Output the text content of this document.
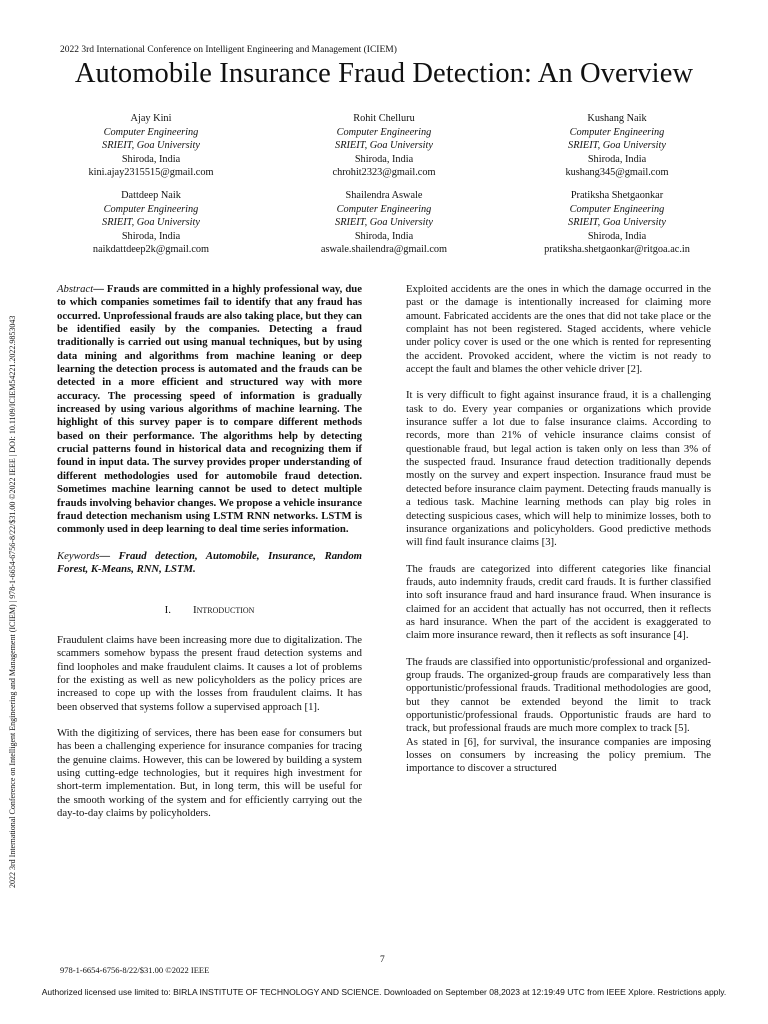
2022 3rd International Conference on Intelligent Engineering and Management (ICIEM)
Automobile Insurance Fraud Detection: An Overview
Ajay Kini
Computer Engineering
SRIEIT, Goa University
Shiroda, India
kini.ajay2315515@gmail.com
Rohit Chelluru
Computer Engineering
SRIEIT, Goa University
Shiroda, India
chrohit2323@gmail.com
Kushang Naik
Computer Engineering
SRIEIT, Goa University
Shiroda, India
kushang345@gmail.com
Dattdeep Naik
Computer Engineering
SRIEIT, Goa University
Shiroda, India
naikdattdeep2k@gmail.com
Shailendra Aswale
Computer Engineering
SRIEIT, Goa University
Shiroda, India
aswale.shailendra@gmail.com
Pratiksha Shetgaonkar
Computer Engineering
SRIEIT, Goa University
Shiroda, India
pratiksha.shetgaonkar@ritgoa.ac.in
2022 3rd International Conference on Intelligent Engineering and Management (ICIEM) | 978-1-6654-6756-8/22/$31.00 ©2022 IEEE | DOI: 10.1109/ICIEM54221.2022.9853043

Abstract— Frauds are committed in a highly professional way, due to which companies sometimes fail to identify that any fraud has occurred. Unprofessional frauds are also taking place, but they can be identified easily by the companies. Detecting a fraud traditionally is carried out using manual techniques, but by using data mining and algorithms from machine leaning or deep learning the detection process is automated and the frauds can be detected in a more efficient and structured way with more accuracy. The processing speed of information is gradually increased by using various algorithms of machine learning. The highlight of this survey paper is to compare different methods based on their performance. The algorithms help by detecting crucial patterns found in historical data and recognizing them if found in input data. The survey provides proper understanding of different methodologies used for automobile fraud detection. Sometimes machine learning cannot be used to detect multiple frauds involving behavior changes. We propose a vehicle insurance fraud detection mechanism using LSTM RNN networks. LSTM is commonly used in deep learning to deal time series information.

Keywords— Fraud detection, Automobile, Insurance, Random Forest, K-Means, RNN, LSTM.

I. Introduction

Fraudulent claims have been increasing more due to digitalization. The scammers somehow bypass the present fraud detection systems and find loopholes and make fraudulent claims. It causes a lot of problems for the existing as well as new policyholders as the policy prices are increased to cope up with the losses from fraudulent claims. It has been observed that systems follow a supervised approach [1].

With the digitizing of services, there has been ease for consumers but has been a challenging experience for insurance companies for tracing the genuine claims. However, this can be lowered by building a system using cutting-edge technologies, but it requires high investment for short-term implementation. But, in long term, this will be useful for the smooth working of the system and for efficiently carrying out the day-to-day claims by policyholders.

Exploited accidents are the ones in which the damage occurred in the past or the damage is intentionally increased for claiming more amount. Fabricated accidents are the ones that did not take place or the complaint has not been registered. Staged accidents, where vehicle under policy cover is used or the one which is rented for representing the accident. Provoked accident, where the victim is not ready to accept the fault and blames the other vehicle driver [2].

It is very difficult to fight against insurance fraud, it is a challenging task to do. Every year companies or organizations which provide insurance suffer a lot due to false insurance claims. According to records, more than 21% of vehicle insurance claims consist of questionable fraud, but legal action is taken only on less than 3% of the suspected fraud. Insurance fraud detection traditionally depends mostly on the survey and expert inspection. Insurance fraud must be detected before insurance claim payment. Detecting frauds manually is a tedious task. Machine learning methods can play big roles in detecting suspicious cases, which will help to minimize losses, both to insurance organizations and policyholders. Good predictive methods will find fault insurance claims [3].

The frauds are categorized into different categories like financial frauds, auto indemnity frauds, credit card frauds. It is further classified into soft insurance fraud and hard insurance fraud. When insurance is claimed for an accident that actually has not occurred, then it reflects as hard insurance. When the part of the accident is exaggerated to claim more insurance reward, then it reflects as soft insurance [4].

The frauds are classified into opportunistic/professional and organized-group frauds. The organized-group frauds are comparatively less than opportunistic/professional frauds. Traditional methodologies are good, but they cannot be extended beyond the limit to track opportunistic/professional frauds. Opportunistic frauds are hard to track, but professional frauds are much more complex to track [5].

As stated in [6], for survival, the insurance companies are imposing losses on consumers by increasing the policy premium. The importance to discover a structured

7
978-1-6654-6756-8/22/$31.00 ©2022 IEEE
Authorized licensed use limited to: BIRLA INSTITUTE OF TECHNOLOGY AND SCIENCE. Downloaded on September 08,2023 at 12:19:49 UTC from IEEE Xplore. Restrictions apply.
